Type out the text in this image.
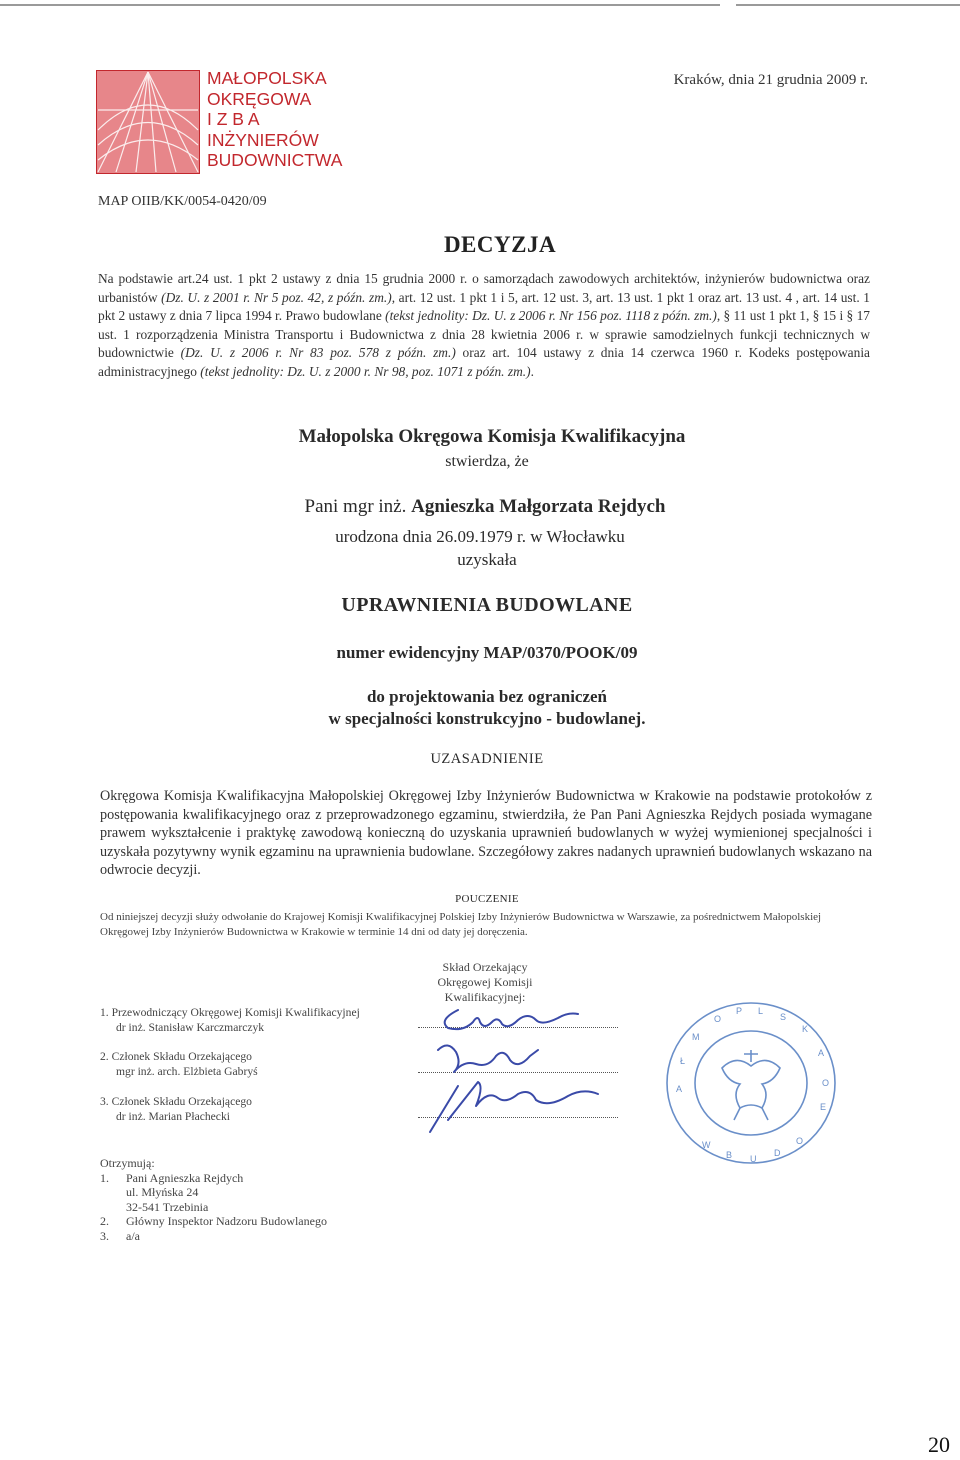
MAŁOPOLSKA
OKRĘGOWA
I Z B A
INŻYNIERÓW
BUDOWNICTWA
Kraków, dnia 21 grudnia 2009 r.
MAP OIIB/KK/0054-0420/09
DECYZJA
Na podstawie art.24 ust. 1 pkt 2 ustawy z dnia 15 grudnia 2000 r. o samorządach zawodowych architektów, inżynierów budownictwa oraz urbanistów (Dz. U. z 2001 r. Nr 5 poz. 42, z późn. zm.), art. 12 ust. 1 pkt 1 i 5, art. 12 ust. 3, art. 13 ust. 1 pkt 1 oraz art. 13 ust. 4 , art. 14 ust. 1 pkt 2 ustawy z dnia 7 lipca 1994 r. Prawo budowlane (tekst jednolity: Dz. U. z 2006 r. Nr 156 poz. 1118 z późn. zm.), § 11 ust 1 pkt 1, § 15 i § 17 ust. 1 rozporządzenia Ministra Transportu i Budownictwa z dnia 28 kwietnia 2006 r. w sprawie samodzielnych funkcji technicznych w budownictwie (Dz. U. z 2006 r. Nr 83 poz. 578 z późn. zm.) oraz art. 104 ustawy z dnia 14 czerwca 1960 r. Kodeks postępowania administracyjnego (tekst jednolity: Dz. U. z 2000 r. Nr 98, poz. 1071 z późn. zm.).
Małopolska Okręgowa Komisja Kwalifikacyjna
stwierdza, że
Pani mgr inż. Agnieszka Małgorzata Rejdych
urodzona dnia 26.09.1979 r. w Włocławku
uzyskała
UPRAWNIENIA BUDOWLANE
numer ewidencyjny MAP/0370/POOK/09
do projektowania bez ograniczeń
w specjalności konstrukcyjno - budowlanej.
UZASADNIENIE
Okręgowa Komisja Kwalifikacyjna Małopolskiej Okręgowej Izby Inżynierów Budownictwa w Krakowie na podstawie protokołów z postępowania kwalifikacyjnego oraz z przeprowadzonego egzaminu, stwierdziła, że Pan Pani Agnieszka Rejdych posiada wymagane prawem wykształcenie i praktykę zawodową konieczną do uzyskania uprawnień budowlanych w wyżej wymienionej specjalności i uzyskała pozytywny wynik egzaminu na uprawnienia budowlane. Szczegółowy zakres nadanych uprawnień budowlanych wskazano na odwrocie decyzji.
POUCZENIE
Od niniejszej decyzji służy odwołanie do Krajowej Komisji Kwalifikacyjnej Polskiej Izby Inżynierów Budownictwa w Warszawie, za pośrednictwem Małopolskiej Okręgowej Izby Inżynierów Budownictwa w Krakowie w terminie 14 dni od daty jej doręczenia.
Skład Orzekający
Okręgowej Komisji Kwalifikacyjnej:
1. Przewodniczący Okręgowej Komisji Kwalifikacyjnej
dr inż. Stanisław Karczmarczyk
2. Członek Składu Orzekającego
mgr inż. arch. Elżbieta Gabryś
3. Członek Składu Orzekającego
dr inż. Marian Płachecki
M
O
P L
S
K
A
Ł
A
O
E
W
B U
D
O
Otrzymują:
1. Pani Agnieszka Rejdych
ul. Młyńska 24
32-541 Trzebinia
2. Główny Inspektor Nadzoru Budowlanego
3. a/a
20
